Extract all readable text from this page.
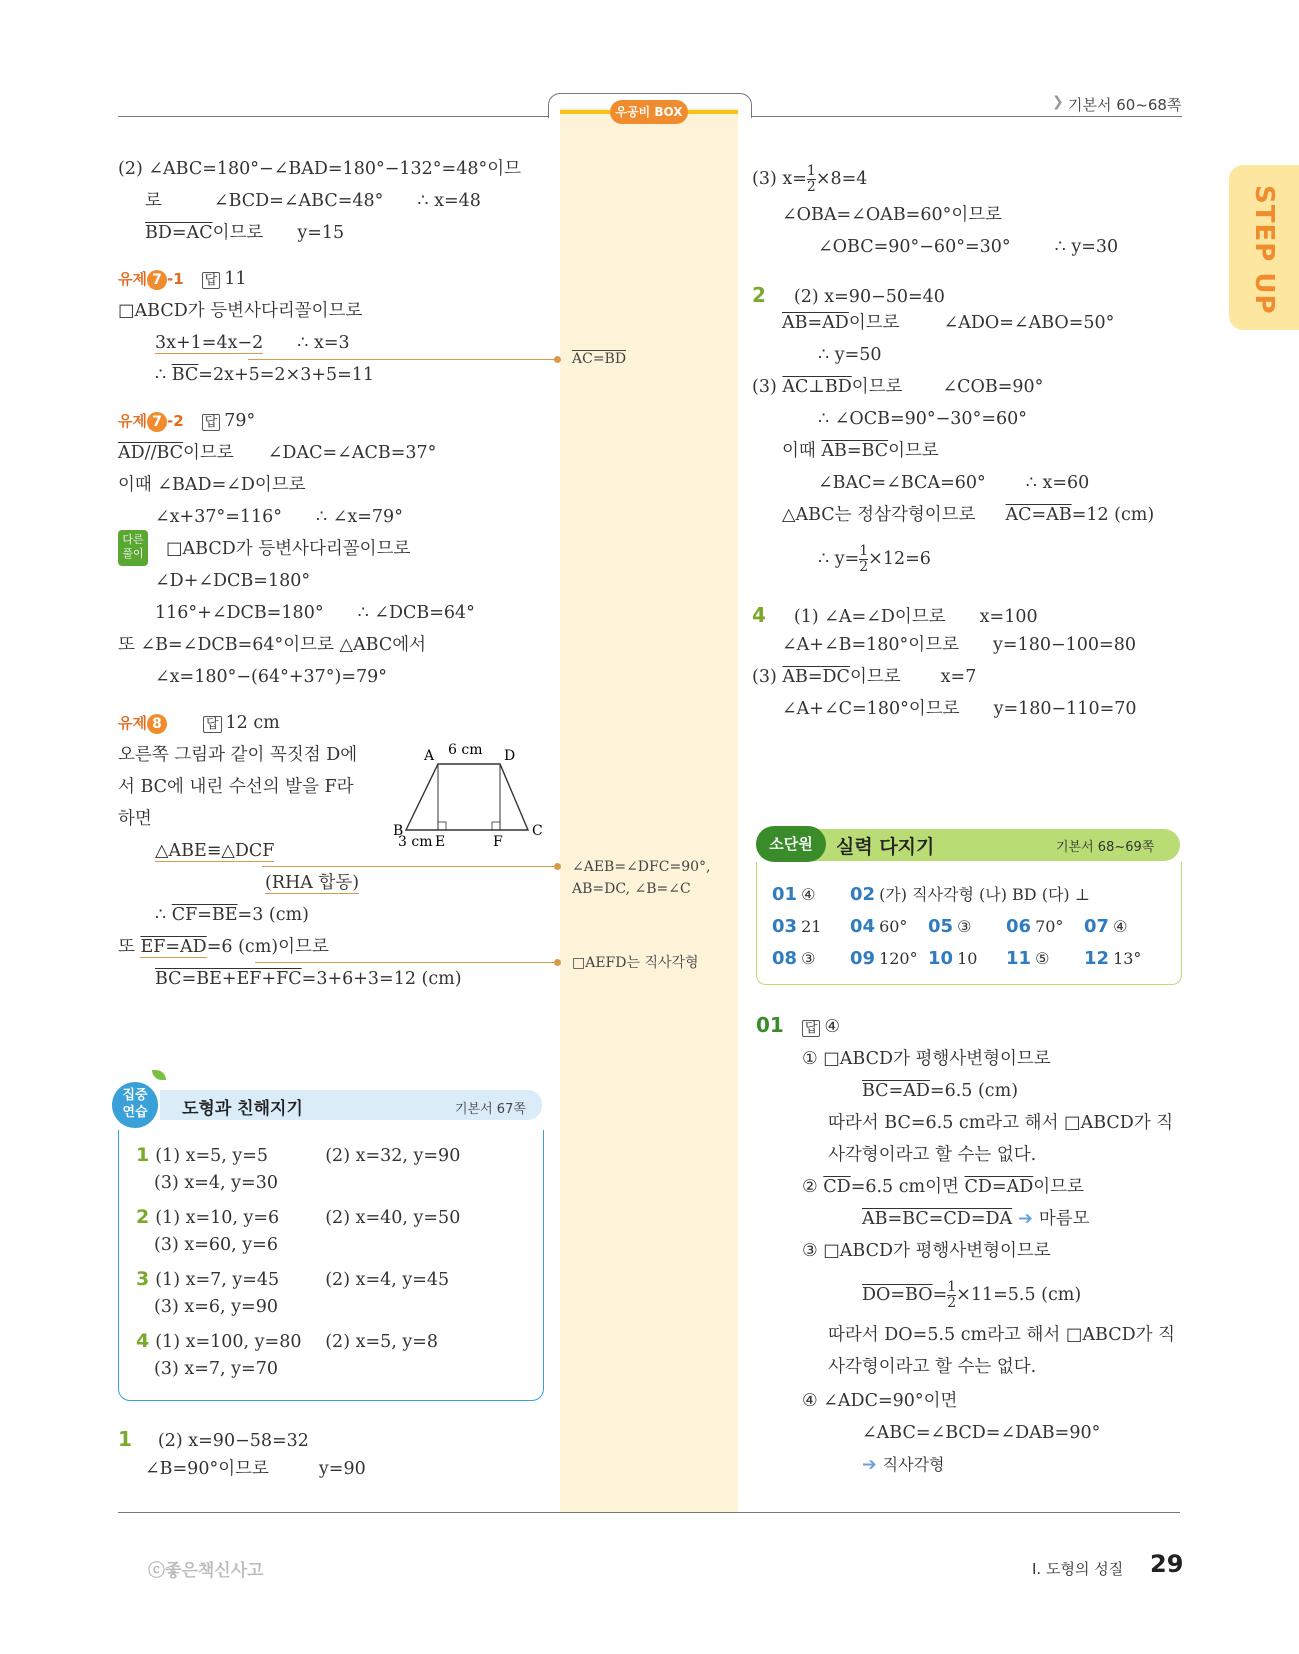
우공비 BOX
❯ 기본서 60~68쪽
STEP UP
(2) ∠ABC=180°−∠BAD=180°−132°=48°이므
로	∠BCD=∠ABC=48° ∴ x=48
BD=AC이므로 y=15
유제 7 -1 답 11
□ABCD가 등변사다리꼴이므로
3x+1=4x−2 ∴ x=3
∴ $\overline{BC}=2x+5=2\times 3+5=11$
유제 7 -2 답 79°
AD//BC이므로 ∠DAC=∠ACB=37°
이때 ∠BAD=∠D이므로
∠x+37°=116° ∴ ∠x=79°
다른 풀이 □ABCD가 등변사다리꼴이므로
∠D+∠DCB=180°
116°+∠DCB=180° ∴ ∠DCB=64°
또 ∠B=∠DCB=64°이므로 △ABC에서
∠x=180°−(64°+37°)=79°
유제 8	답 12 cm
오른쪽 그림과 같이 꼭짓점 D에
서 BC에 내린 수선의 발을 F라
하면
A	D
6 cm
B	C
E	F
3 cm
△ABE≡△DCF
(RHA 합동)
∴ CF=BE=3 (cm)
또 EF=AD=6 (cm)이므로
BC=BE+EF+FC=3+6+3=12 (cm)
집중 연습	도형과 친해지기	기본서 67쪽
1 (1) x=5, y=5	(2) x=32, y=90
(3) x=4, y=30
2 (1) x=10, y=6	(2) x=40, y=50
(3) x=60, y=6
3 (1) x=7, y=45	(2) x=4, y=45
(3) x=6, y=90
4 (1) x=100, y=80 (2) x=5, y=8
(3) x=7, y=70
1 (2) x=90−58=32
∠B=90°이므로	y=90
AC=BD
∠AEB=∠DFC=90°,
AB=DC, ∠B=∠C
□AEFD는 직사각형
(3) $x= \frac{1}{2} \times 8=4$
∠OBA=∠OAB=60°이므로
∠OBC=90°−60°=30°	∴ y=30
2 (2) x=90−50=40
AB=AD이므로	∠ADO=∠ABO=50°
∴ y=50
(3) AC⊥BD이므로 ∠COB=90°
∴ ∠OCB=90°−30°=60°
이때 AB=BC이므로
∠BAC=∠BCA=60° ∴ x=60
△ABC는 정삼각형이므로 AC=AB=12 (cm)
∴ $y= \frac{1}{2} \times 12=6$
4 (1) ∠A=∠D이므로 x=100
∠A+∠B=180°이므로 y=180−100=80
(3) AB=DC이므로 x=7
∠A+∠C=180°이므로 y=180−110=70
소단원	실력 다지기	기본서 68~69쪽
01 ④ 02 (가) 직사각형 (나) BD (다) ⊥
03 21 04 60° 05 ③ 06 70° 07 ④
08 ③ 09 120° 10 10 11 ⑤ 12 13°
01 답 ④
① □ABCD가 평행사변형이므로
BC=AD=6.5 (cm)
따라서 BC=6.5 cm라고 해서 □ABCD가 직
사각형이라고 할 수는 없다.
② $\overline{CD}=6.5$ cm이면 CD=AD이므로
AB=BC=CD=DA ➔ 마름모
③ □ABCD가 평행사변형이므로
$DO=BO= \frac{1}{2} \times 11=5.5$ (cm)
따라서 DO=5.5 cm라고 해서 □ABCD가 직
사각형이라고 할 수는 없다.
④ ∠ADC=90°이면
∠ABC=∠BCD=∠DAB=90°
➔ 직사각형
ⓒ좋은책신사고	I. 도형의 성질 29
